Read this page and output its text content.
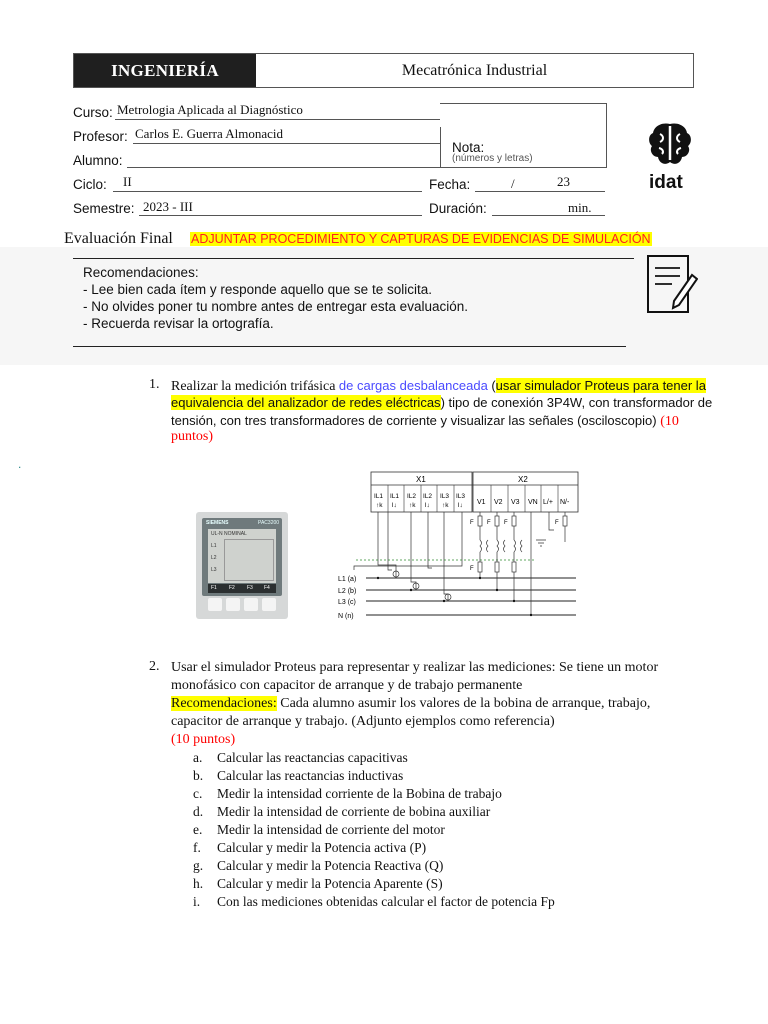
INGENIERÍA	Mecatrónica Industrial
Curso: Metrologia Aplicada al Diagnóstico
Profesor: Carlos E. Guerra Almonacid
Alumno:
Nota:
(números y letras)
Ciclo: II	Fecha:	/	23
Semestre: 2023 - III	Duración:	min.
idat
Evaluación Final ADJUNTAR PROCEDIMIENTO Y CAPTURAS DE EVIDENCIAS DE SIMULACIÓN
Recomendaciones:
- Lee bien cada ítem y responde aquello que se te solicita.
- No olvides poner tu nombre antes de entregar esta evaluación.
- Recuerda revisar la ortografía.
1. Realizar la medición trifásica de cargas desbalanceada (usar simulador Proteus para tener la
equivalencia del analizador de redes eléctricas) tipo de conexión 3P4W, con transformador de
tensión, con tres transformadores de corriente y visualizar las señales (osciloscopio) (10
puntos)
.
SIEMENS	PAC3200
UL-N NOMINAL
L1
L2
L3
F1 F2 F3 F4
X1	X2
IL1
↑k
IL1
l↓
IL2
↑k
IL2
l↓
IL3
↑k
IL3
l↓ V1 V2 V3 VN L/+ N/-
L1 (a)
L2 (b)
L3 (c)
N (n)
F F F	F
F
2. Usar el simulador Proteus para representar y realizar las mediciones: Se tiene un motor
monofásico con capacitor de arranque y de trabajo permanente
Recomendaciones: Cada alumno asumir los valores de la bobina de arranque, trabajo,
capacitor de arranque y trabajo. (Adjunto ejemplos como referencia)
(10 puntos)
a. Calcular las reactancias capacitivas
b. Calcular las reactancias inductivas
c. Medir la intensidad corriente de la Bobina de trabajo
d. Medir la intensidad de corriente de bobina auxiliar
e. Medir la intensidad de corriente del motor
f. Calcular y medir la Potencia activa (P)
g. Calcular y medir la Potencia Reactiva (Q)
h. Calcular y medir la Potencia Aparente (S)
i. Con las mediciones obtenidas calcular el factor de potencia Fp
